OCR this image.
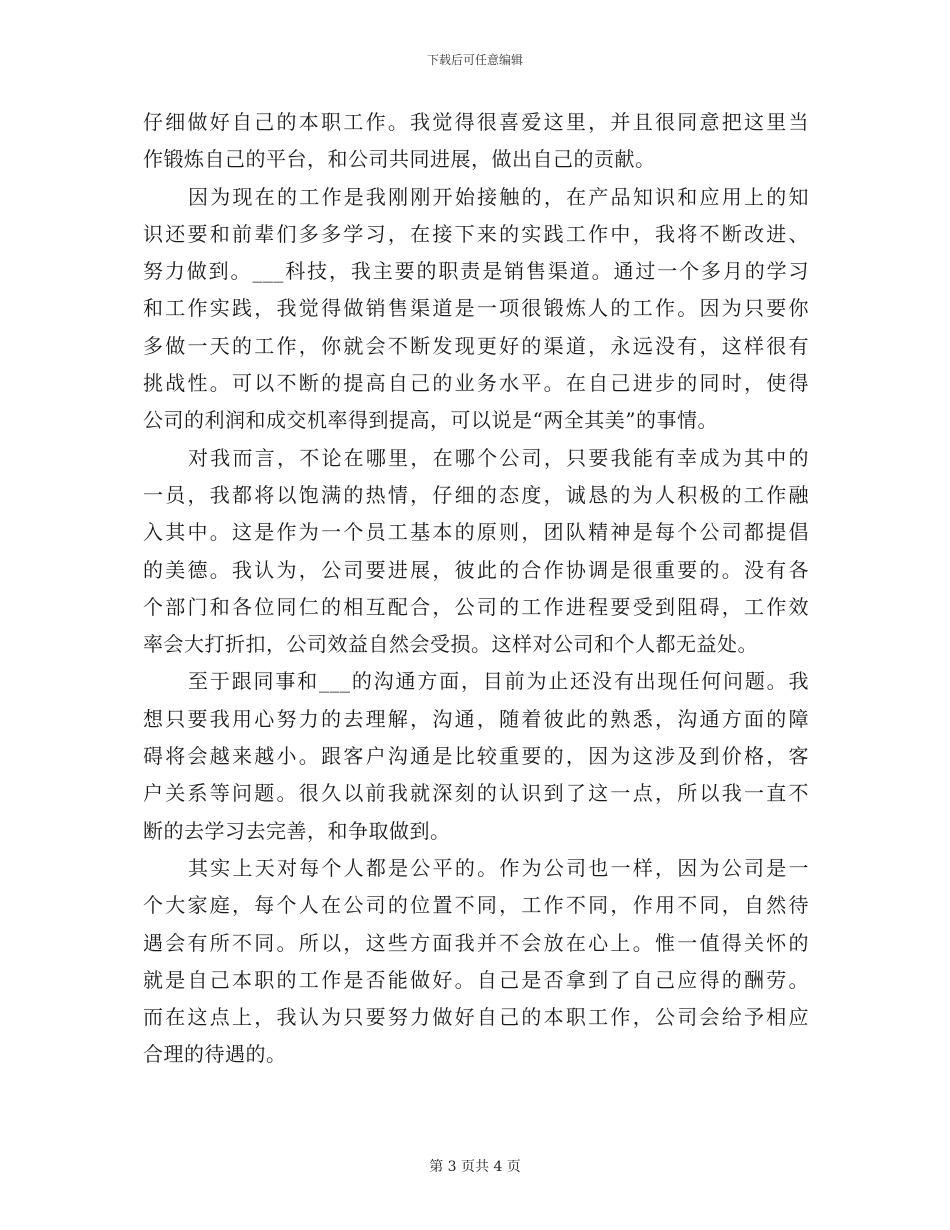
下载后可任意编辑
仔细做好自己的本职工作。我觉得很喜爱这里，并且很同意把这里当
作锻炼自己的平台，和公司共同进展，做出自己的贡献。
因为现在的工作是我刚刚开始接触的，在产品知识和应用上的知
识还要和前辈们多多学习，在接下来的实践工作中，我将不断改进、
努力做到。___科技，我主要的职责是销售渠道。通过一个多月的学习
和工作实践，我觉得做销售渠道是一项很锻炼人的工作。因为只要你
多做一天的工作，你就会不断发现更好的渠道，永远没有，这样很有
挑战性。可以不断的提高自己的业务水平。在自己进步的同时，使得
公司的利润和成交机率得到提高，可以说是“两全其美”的事情。
对我而言，不论在哪里，在哪个公司，只要我能有幸成为其中的
一员，我都将以饱满的热情，仔细的态度，诚恳的为人积极的工作融
入其中。这是作为一个员工基本的原则，团队精神是每个公司都提倡
的美德。我认为，公司要进展，彼此的合作协调是很重要的。没有各
个部门和各位同仁的相互配合，公司的工作进程要受到阻碍，工作效
率会大打折扣，公司效益自然会受损。这样对公司和个人都无益处。
至于跟同事和___的沟通方面，目前为止还没有出现任何问题。我
想只要我用心努力的去理解，沟通，随着彼此的熟悉，沟通方面的障
碍将会越来越小。跟客户沟通是比较重要的，因为这涉及到价格，客
户关系等问题。很久以前我就深刻的认识到了这一点，所以我一直不
断的去学习去完善，和争取做到。
其实上天对每个人都是公平的。作为公司也一样，因为公司是一
个大家庭，每个人在公司的位置不同，工作不同，作用不同，自然待
遇会有所不同。所以，这些方面我并不会放在心上。惟一值得关怀的
就是自己本职的工作是否能做好。自己是否拿到了自己应得的酬劳。
而在这点上，我认为只要努力做好自己的本职工作，公司会给予相应
合理的待遇的。
第 3 页共 4 页
